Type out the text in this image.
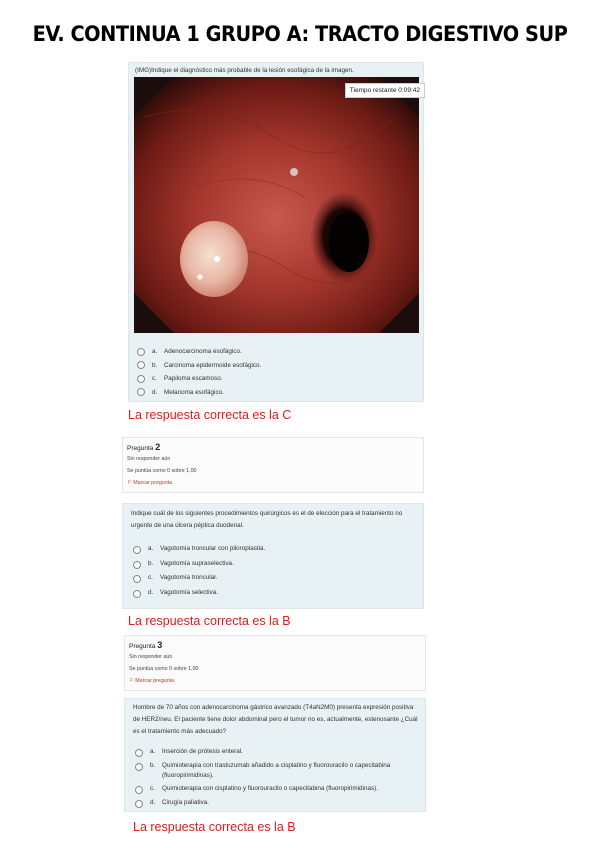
EV. CONTINUA 1 GRUPO A: TRACTO DIGESTIVO SUP
(IMG)Indique el diagnóstico más probable de la lesión esofágica de la imagen.
Tiempo restante 0:09:42
a.	Adenocarcinoma esofágico.
b.	Carcinoma epidermoide esofágico.
c.	Papiloma escamoso.
d.	Melanoma esofágico.
La respuesta correcta es la C
Pregunta 2
Sin responder aún
Se puntúa como 0 sobre 1,00
⚐ Marcar pregunta
Indique cuál de los siguientes procedimientos quirúrgicos es el de elección para el tratamiento no urgente de una úlcera péptica duodenal.
a.	Vagotomía troncular con piloroplastia.
b.	Vagotomía supraselectiva.
c.	Vagotomía troncular.
d.	Vagotomía selectiva.
La respuesta correcta es la B
Pregunta 3
Sin responder aún
Se puntúa como 0 sobre 1,00
⚐ Marcar pregunta
Hombre de 70 años con adenocarcinoma gástrico avanzado (T4aN2M0) presenta expresión positiva de HER2/neu. El paciente tiene dolor abdominal pero el tumor no es, actualmente, estenosante ¿Cuál es el tratamiento más adecuado?
a.	Inserción de prótesis enteral.
b.	Quimioterapia con trastuzumab añadido a cisplatino y fluorouracilo o capecitabina (fluoropirimidinas).
c.	Quimioterapia con cisplatino y fluorouracilo o capecitabina (fluoropirimidinas).
d.	Cirugía paliativa.
La respuesta correcta es la B
